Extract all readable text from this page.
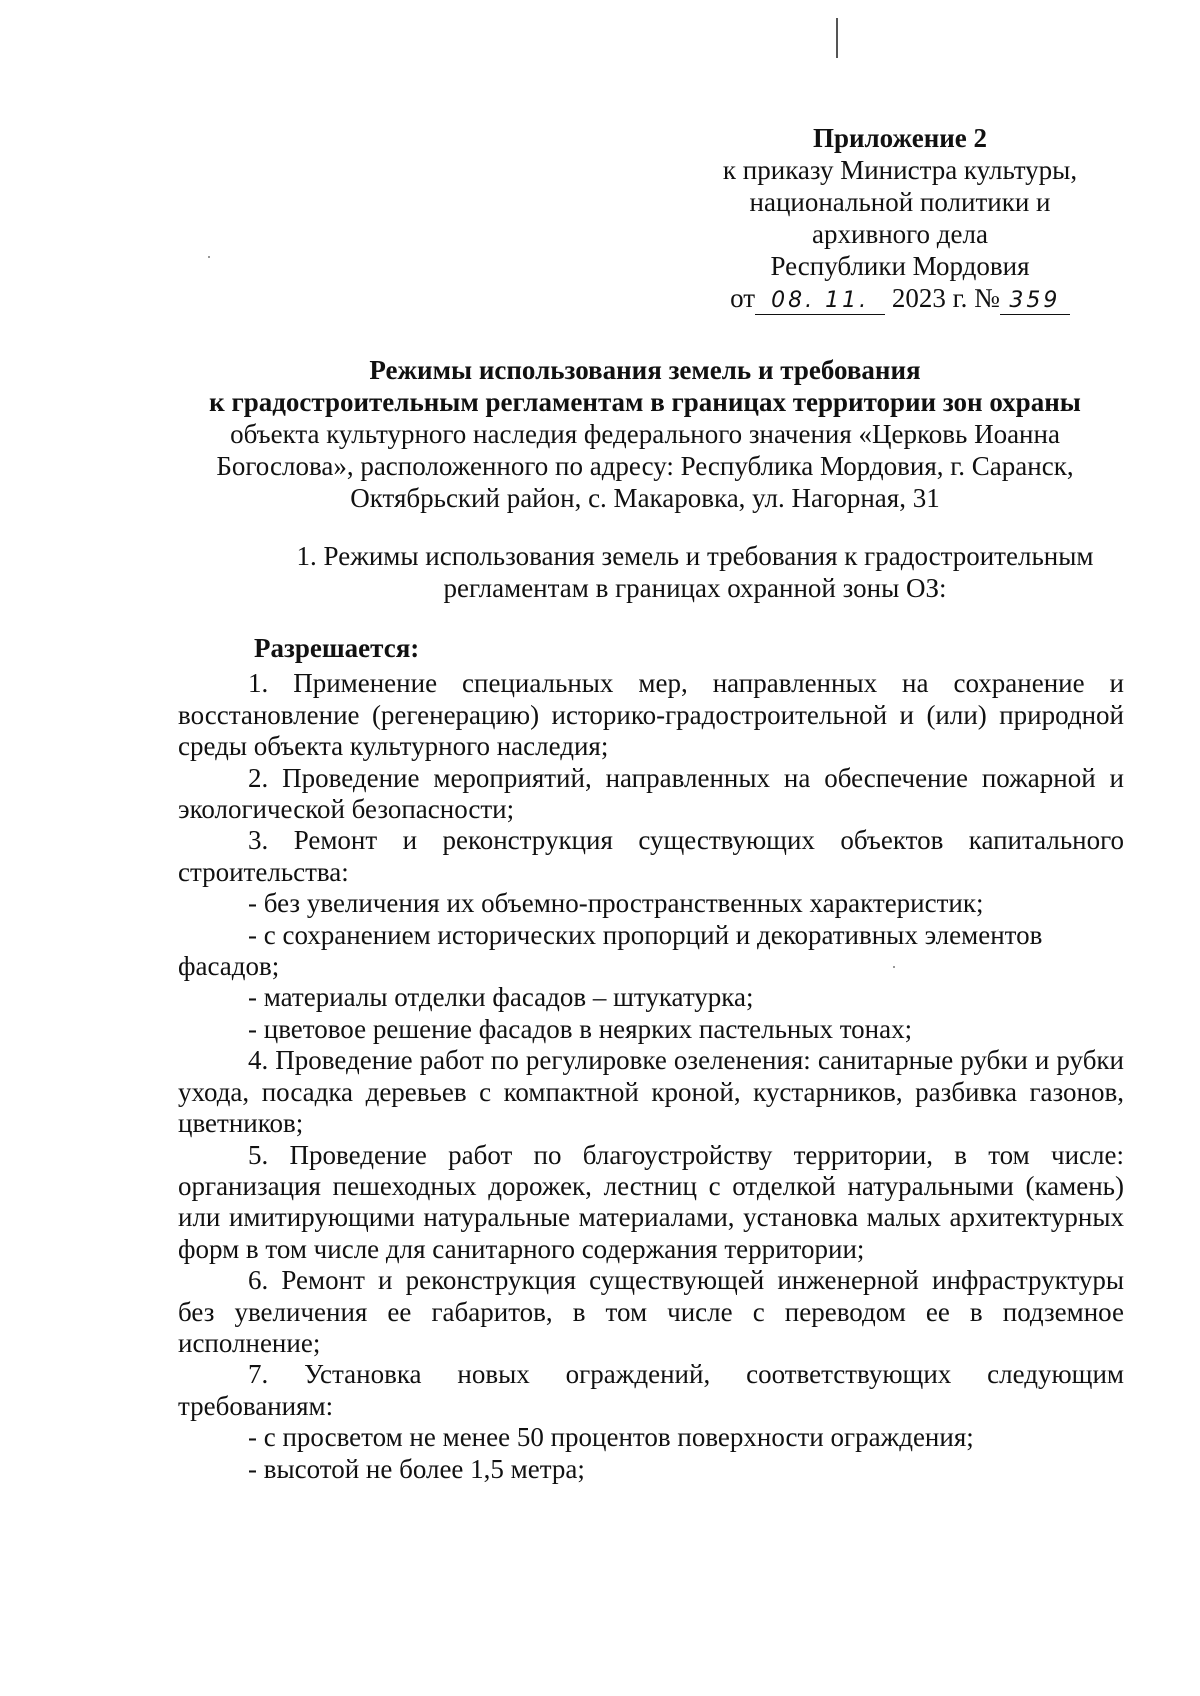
Приложение 2
к приказу Министра культуры,
национальной политики и
архивного дела
Республики Мордовия
от 08. 11. 2023 г. № 359
Режимы использования земель и требования
к градостроительным регламентам в границах территории зон охраны
объекта культурного наследия федерального значения «Церковь Иоанна
Богослова», расположенного по адресу: Республика Мордовия, г. Саранск,
Октябрьский район, с. Макаровка, ул. Нагорная, 31
1. Режимы использования земель и требования к градостроительным
регламентам в границах охранной зоны ОЗ:
Разрешается:

1. Применение специальных мер, направленных на сохранение и восстановление (регенерацию) историко-градостроительной и (или) природной среды объекта культурного наследия;

2. Проведение мероприятий, направленных на обеспечение пожарной и экологической безопасности;

3. Ремонт и реконструкция существующих объектов капитального строительства:

- без увеличения их объемно-пространственных характеристик;

- с сохранением исторических пропорций и декоративных элементов фасадов;

- материалы отделки фасадов – штукатурка;

- цветовое решение фасадов в неярких пастельных тонах;

4. Проведение работ по регулировке озеленения: санитарные рубки и рубки ухода, посадка деревьев с компактной кроной, кустарников, разбивка газонов, цветников;

5. Проведение работ по благоустройству территории, в том числе: организация пешеходных дорожек, лестниц с отделкой натуральными (камень) или имитирующими натуральные материалами, установка малых архитектурных форм в том числе для санитарного содержания территории;

6. Ремонт и реконструкция существующей инженерной инфраструктуры без увеличения ее габаритов, в том числе с переводом ее в подземное исполнение;

7. Установка новых ограждений, соответствующих следующим требованиям:

- с просветом не менее 50 процентов поверхности ограждения;

- высотой не более 1,5 метра;
